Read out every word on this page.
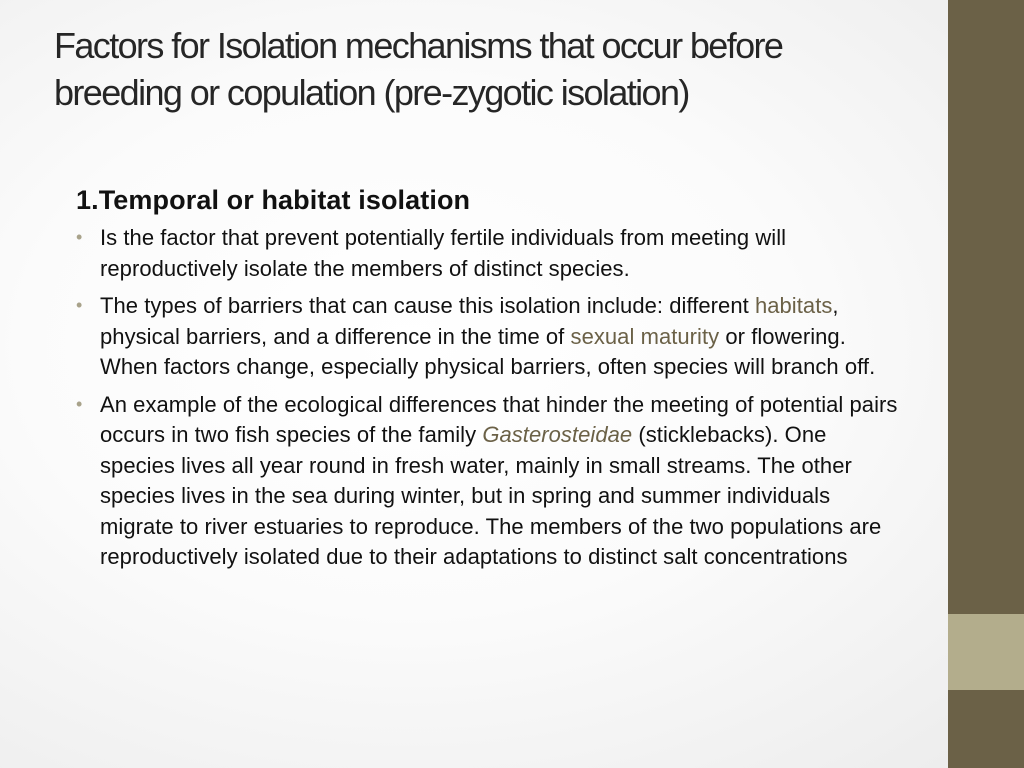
Factors for Isolation mechanisms that occur before breeding or copulation (pre-zygotic isolation)
1.Temporal or habitat isolation
• Is the factor that prevent potentially fertile individuals from meeting will reproductively isolate the members of distinct species.
• The types of barriers that can cause this isolation include: different habitats, physical barriers, and a difference in the time of sexual maturity or flowering. When factors change, especially physical barriers, often species will branch off.
• An example of the ecological differences that hinder the meeting of potential pairs occurs in two fish species of the family Gasterosteidae (sticklebacks). One species lives all year round in fresh water, mainly in small streams. The other species lives in the sea during winter, but in spring and summer individuals migrate to river estuaries to reproduce. The members of the two populations are reproductively isolated due to their adaptations to distinct salt concentrations
